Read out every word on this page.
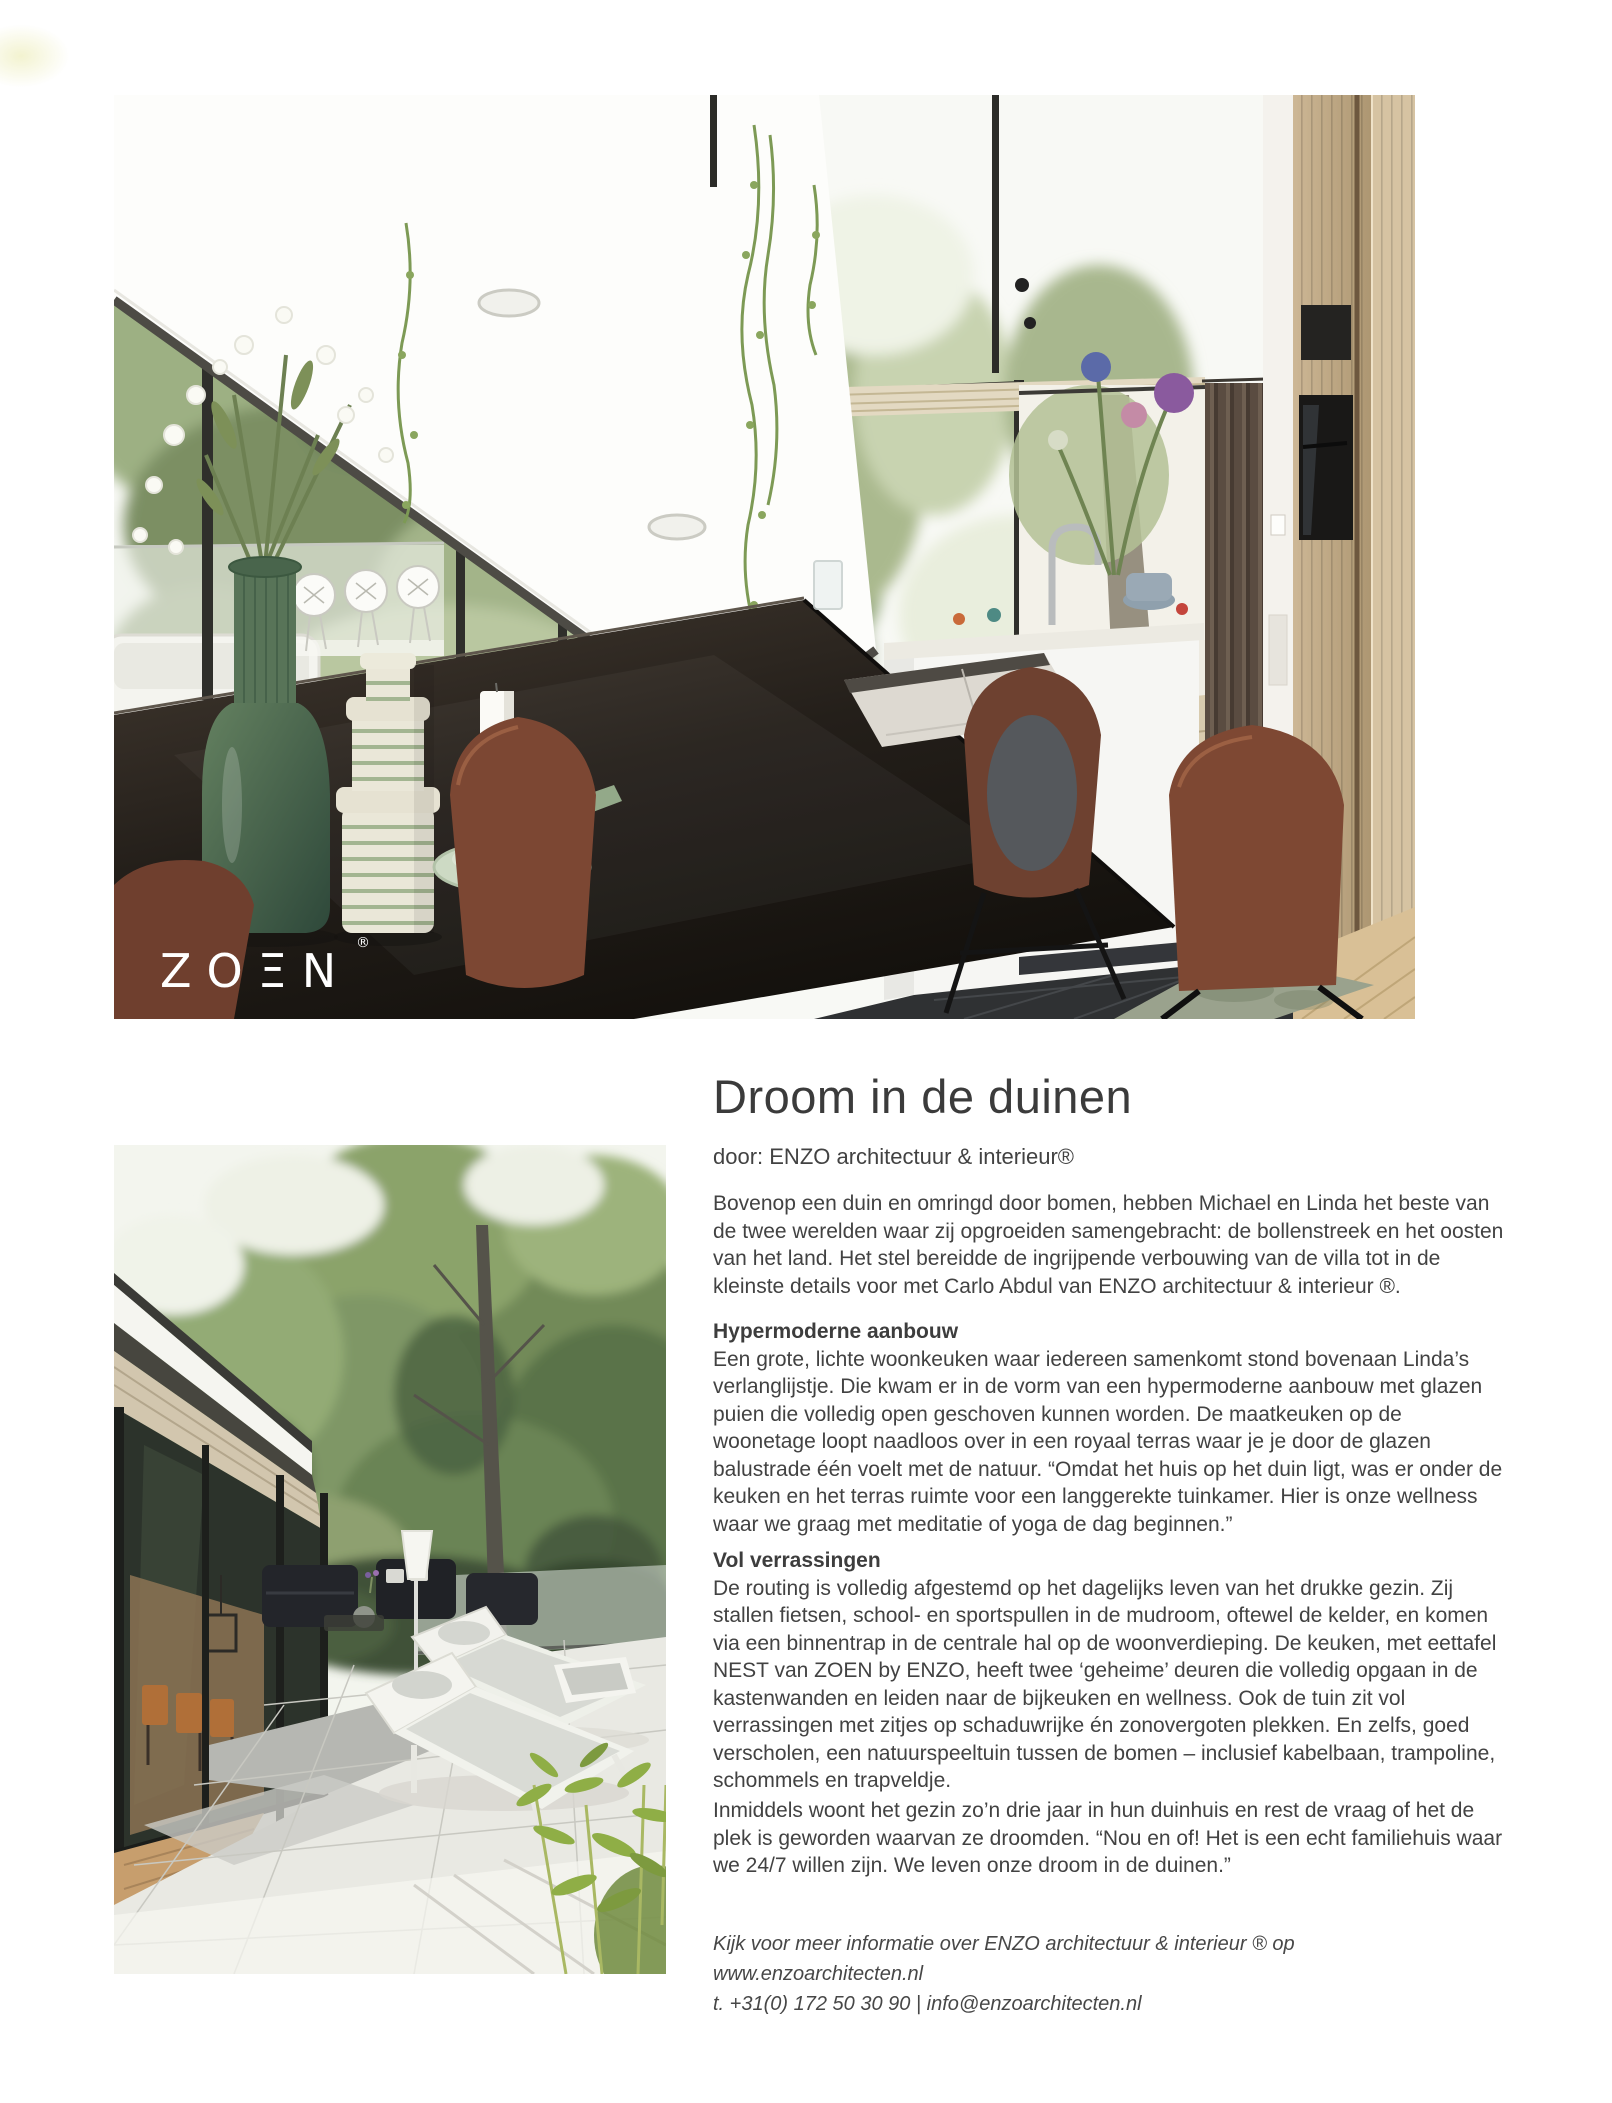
ZOΞN
®
Droom in de duinen

door: ENZO architectuur & interieur®

Bovenop een duin en omringd door bomen, hebben Michael en Linda het beste van de twee werelden waar zij opgroeiden samengebracht: de bollenstreek en het oosten van het land. Het stel bereidde de ingrijpende verbouwing van de villa tot in de kleinste details voor met Carlo Abdul van ENZO architectuur & interieur ®.

Hypermoderne aanbouw

Een grote, lichte woonkeuken waar iedereen samenkomt stond bovenaan Linda’s verlanglijstje. Die kwam er in de vorm van een hypermoderne aanbouw met glazen puien die volledig open geschoven kunnen worden. De maatkeuken op de woonetage loopt naadloos over in een royaal terras waar je je door de glazen balustrade één voelt met de natuur. “Omdat het huis op het duin ligt, was er onder de keuken en het terras ruimte voor een langgerekte tuinkamer. Hier is onze wellness waar we graag met meditatie of yoga de dag beginnen.”

Vol verrassingen

De routing is volledig afgestemd op het dagelijks leven van het drukke gezin. Zij stallen fietsen, school- en sportspullen in de mudroom, oftewel de kelder, en komen via een binnentrap in de centrale hal op de woonverdieping. De keuken, met eettafel NEST van ZOEN by ENZO, heeft twee ‘geheime’ deuren die volledig opgaan in de kastenwanden en leiden naar de bijkeuken en wellness. Ook de tuin zit vol verrassingen met zitjes op schaduwrijke én zonovergoten plekken. En zelfs, goed verscholen, een natuurspeeltuin tussen de bomen – inclusief kabelbaan, trampoline, schommels en trapveldje.

Inmiddels woont het gezin zo’n drie jaar in hun duinhuis en rest de vraag of het de plek is geworden waarvan ze droomden. “Nou en of! Het is een echt familiehuis waar we 24/7 willen zijn. We leven onze droom in de duinen.”

Kijk voor meer informatie over ENZO architectuur & interieur ® op www.enzoarchitecten.nl

t. +31(0) 172 50 30 90 | info@enzoarchitecten.nl
